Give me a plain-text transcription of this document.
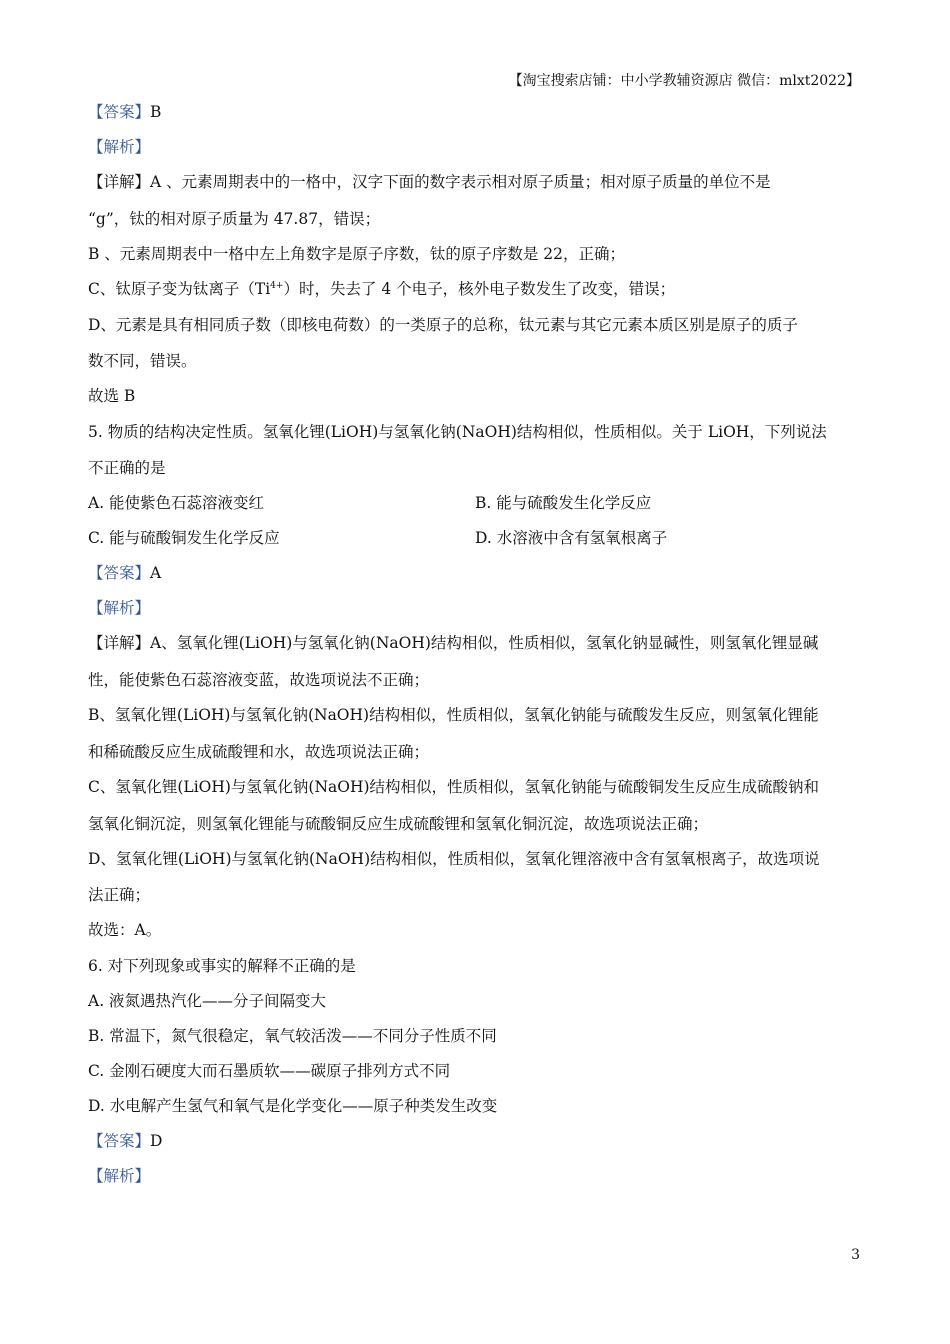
【淘宝搜索店铺：中小学教辅资源店 微信：mlxt2022】
【答案】B
【解析】
【详解】A 、元素周期表中的一格中，汉字下面的数字表示相对原子质量；相对原子质量的单位不是
“g”，钛的相对原子质量为 47.87，错误；
B 、元素周期表中一格中左上角数字是原子序数，钛的原子序数是 22，正确；
C、钛原子变为钛离子$(Ti^{4+})$时，失去了 4 个电子，核外电子数发生了改变，错误；
D、元素是具有相同质子数（即核电荷数）的一类原子的总称，钛元素与其它元素本质区别是原子的质子
数不同，错误。
故选 B
5. 物质的结构决定性质。氢氧化锂(LiOH)与氢氧化钠(NaOH)结构相似，性质相似。关于 LiOH，下列说法
不正确的是
A. 能使紫色石蕊溶液变红	B. 能与硫酸发生化学反应
C. 能与硫酸铜发生化学反应	D. 水溶液中含有氢氧根离子
【答案】A
【解析】
【详解】A、氢氧化锂(LiOH)与氢氧化钠(NaOH)结构相似，性质相似，氢氧化钠显碱性，则氢氧化锂显碱
性，能使紫色石蕊溶液变蓝，故选项说法不正确；
B、氢氧化锂(LiOH)与氢氧化钠(NaOH)结构相似，性质相似，氢氧化钠能与硫酸发生反应，则氢氧化锂能
和稀硫酸反应生成硫酸锂和水，故选项说法正确；
C、氢氧化锂(LiOH)与氢氧化钠(NaOH)结构相似，性质相似，氢氧化钠能与硫酸铜发生反应生成硫酸钠和
氢氧化铜沉淀，则氢氧化锂能与硫酸铜反应生成硫酸锂和氢氧化铜沉淀，故选项说法正确；
D、氢氧化锂(LiOH)与氢氧化钠(NaOH)结构相似，性质相似，氢氧化锂溶液中含有氢氧根离子，故选项说
法正确；
故选：A。
6. 对下列现象或事实的解释不正确的是
A. 液氮遇热汽化——分子间隔变大
B. 常温下，氮气很稳定，氧气较活泼——不同分子性质不同
C. 金刚石硬度大而石墨质软——碳原子排列方式不同
D. 水电解产生氢气和氧气是化学变化——原子种类发生改变
【答案】D
【解析】
3
